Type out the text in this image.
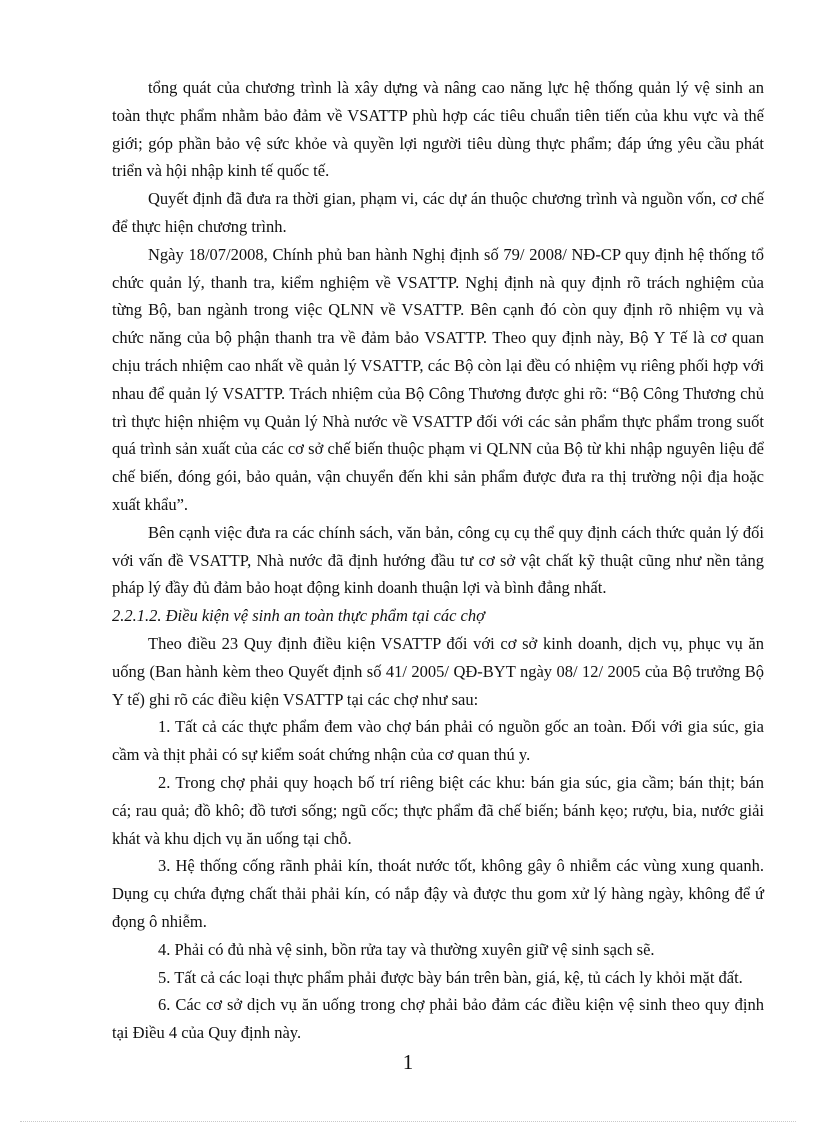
tổng quát của chương trình là xây dựng và nâng cao năng lực hệ thống quản lý vệ sinh an toàn thực phẩm nhằm bảo đảm về VSATTP phù hợp các tiêu chuẩn tiên tiến của khu vực và thế giới; góp phần bảo vệ sức khỏe và quyền lợi người tiêu dùng thực phẩm; đáp ứng yêu cầu phát triển và hội nhập kinh tế quốc tế.

Quyết định đã đưa ra thời gian, phạm vi, các dự án thuộc chương trình và nguồn vốn, cơ chế để thực hiện chương trình.

Ngày 18/07/2008, Chính phủ ban hành Nghị định số 79/ 2008/ NĐ-CP quy định hệ thống tổ chức quản lý, thanh tra, kiểm nghiệm về VSATTP. Nghị định nà quy định rõ trách nghiệm của từng Bộ, ban ngành trong việc QLNN về VSATTP. Bên cạnh đó còn quy định rõ nhiệm vụ và chức năng của bộ phận thanh tra về đảm bảo VSATTP. Theo quy định này, Bộ Y Tế là cơ quan chịu trách nhiệm cao nhất về quản lý VSATTP, các Bộ còn lại đều có nhiệm vụ riêng phối hợp với nhau để quản lý VSATTP. Trách nhiệm của Bộ Công Thương được ghi rõ: “Bộ Công Thương chủ trì thực hiện nhiệm vụ Quản lý Nhà nước về VSATTP đối với các sản phẩm thực phẩm trong suốt quá trình sản xuất của các cơ sở chế biến thuộc phạm vi QLNN của Bộ từ khi nhập nguyên liệu để chế biến, đóng gói, bảo quản, vận chuyển đến khi sản phẩm được đưa ra thị trường nội địa hoặc xuất khẩu”.

Bên cạnh việc đưa ra các chính sách, văn bản, công cụ cụ thể quy định cách thức quản lý đối với vấn đề VSATTP, Nhà nước đã định hướng đầu tư cơ sở vật chất kỹ thuật cũng như nền tảng pháp lý đầy đủ đảm bảo hoạt động kinh doanh thuận lợi và bình đẳng nhất.

2.2.1.2. Điều kiện vệ sinh an toàn thực phẩm tại các chợ

Theo điều 23 Quy định điều kiện VSATTP đối với cơ sở kinh doanh, dịch vụ, phục vụ ăn uống (Ban hành kèm theo Quyết định số 41/ 2005/ QĐ-BYT ngày 08/ 12/ 2005 của Bộ trưởng Bộ Y tế) ghi rõ các điều kiện VSATTP tại các chợ như sau:

1. Tất cả các thực phẩm đem vào chợ bán phải có nguồn gốc an toàn. Đối với gia súc, gia cầm và thịt phải có sự kiểm soát chứng nhận của cơ quan thú y.

2. Trong chợ phải quy hoạch bố trí riêng biệt các khu: bán gia súc, gia cầm; bán thịt; bán cá; rau quả; đồ khô; đồ tươi sống; ngũ cốc; thực phẩm đã chế biến; bánh kẹo; rượu, bia, nước giải khát và khu dịch vụ ăn uống tại chỗ.

3. Hệ thống cống rãnh phải kín, thoát nước tốt, không gây ô nhiễm các vùng xung quanh. Dụng cụ chứa đựng chất thải phải kín, có nắp đậy và được thu gom xử lý hàng ngày, không để ứ đọng ô nhiễm.

4. Phải có đủ nhà vệ sinh, bồn rửa tay và thường xuyên giữ vệ sinh sạch sẽ.

5. Tất cả các loại thực phẩm phải được bày bán trên bàn, giá, kệ, tủ cách ly khỏi mặt đất.

6. Các cơ sở dịch vụ ăn uống trong chợ phải bảo đảm các điều kiện vệ sinh theo quy định tại Điều 4 của Quy định này.

1
